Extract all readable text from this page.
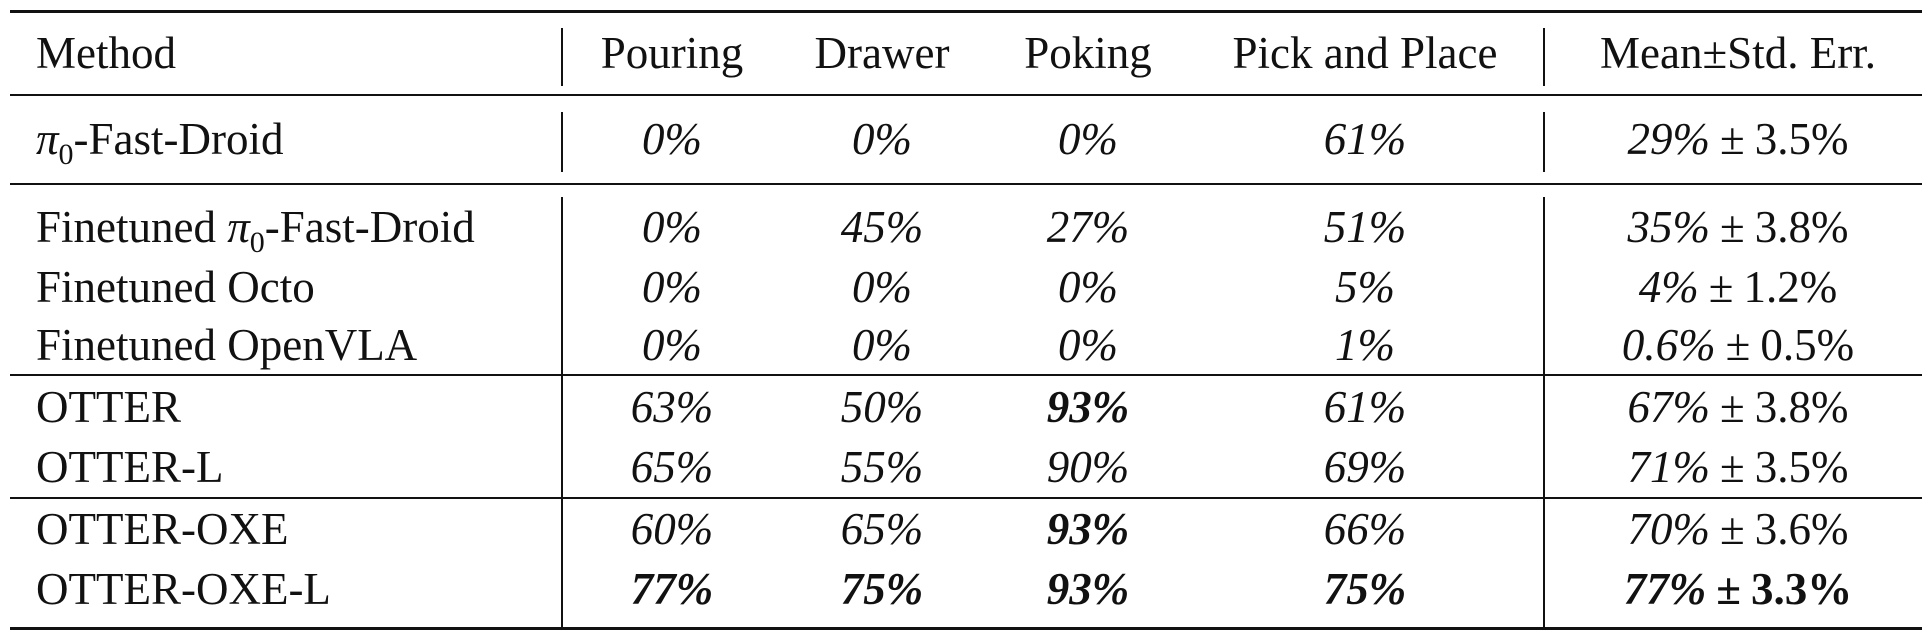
Method	Pouring	Drawer	Poking	Pick and Place	Mean±Std. Err.
$\pi_0-Fast$-Droid	0%	0%	0%	61%	29% ± 3.5%
Finetuned $\pi_0-Fast$-Droid	0%	45%	27%	51%	35% ± 3.8%
Finetuned Octo	0%	0%	0%	5%	4% ± 1.2%
Finetuned OpenVLA	0%	0%	0%	1%	0.6% ± 0.5%
OTTER	63%	50%	93%	61%	67% ± 3.8%
OTTER-L	65%	55%	90%	69%	71% ± 3.5%
OTTER-OXE	60%	65%	93%	66%	70% ± 3.6%
OTTER-OXE-L	77%	75%	93%	75%	77% ± 3.3%
